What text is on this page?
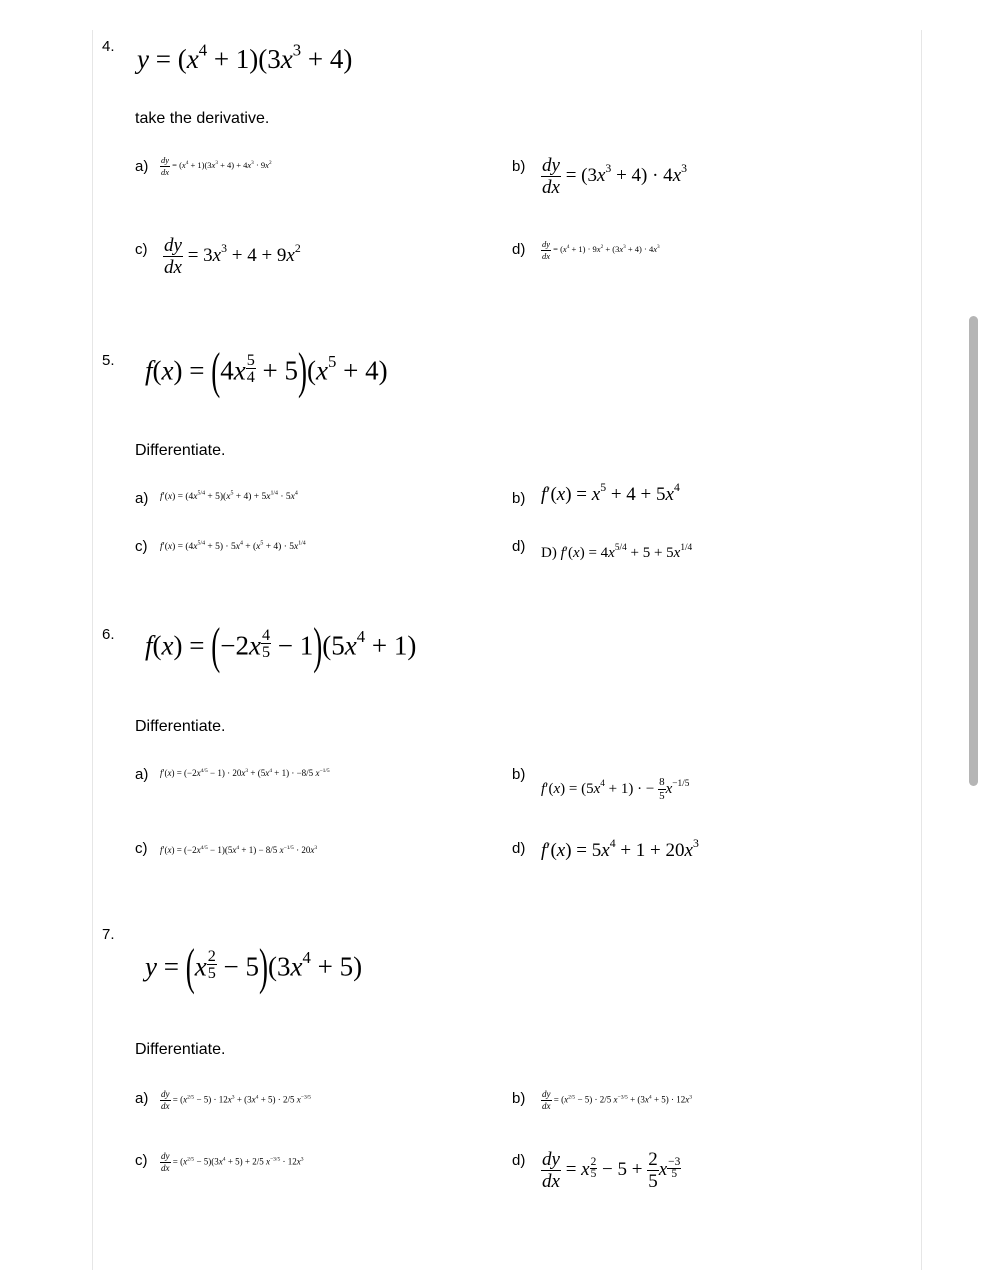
4. $y = (x^4 + 1)(3x^3 + 4)$
take the derivative.
$a) \frac{dy}{dx} = (x^4 + 1)(3x^3 + 4) + 4x^3 \cdot 9x^2$	$b) \frac{dy}{dx} = (3x^3 + 4) \cdot 4x^3$
$c) \frac{dy}{dx} = 3x^3 + 4 + 9x^2$	$d) \frac{dy}{dx} = (x^4 + 1) \cdot 9x^2 + (3x^3 + 4) \cdot 4x^3$
5. $f(x) = (4x \frac{5}{4} + 5)(x^5 + 4)$
Differentiate.
a) $f'(x) = (4x^{5/4} + 5)(x^5 + 4) + 5x^{1/4} \cdot 5x^4$	b) $f'(x) = x^5 + 4 + 5x^4$
c) $f'(x) = (4x^{5/4} + 5) \cdot 5x^4 + (x^5 + 4) \cdot 5x^{1/4}$	d) D) $f'(x) = 4x^{5/4} + 5 + 5x^{1/4}$
6. $f(x) = (-2x \frac{4}{5} - 1)(5x^4 + 1)$
Differentiate.
a) $f'(x) = (-2x^{4/5} - 1) \cdot 20x^3 + (5x^4 + 1) \cdot -8/5$ $x^{-1/5}$	b)
$f'(x) = (5x^4 + 1)$ · − $\frac{8}{5} x^{-1/5}$
c) $f'(x) = (-2x^{4/5} - 1)(5x^4 + 1) - 8/5$ $x^{-1/5} \cdot 20x^3$	d) $f'(x) = 5x^4 + 1 + 20x^3$
7.
$y = (x \frac{2}{5} - 5)(3x^4 + 5)$
Differentiate.
$a) \frac{dy}{dx} = (x^{2/5} - 5) \cdot 12x^3 + (3x^4 + 5) \cdot 2/5$ $x^{-3/5}$	$b) \frac{dy}{dx} = (x^{2/5} - 5) \cdot 2/5$ $x^{-3/5} + (3x^4 + 5) \cdot 12x^3$
$c) \frac{dy}{dx} = (x^{2/5} - 5)(3x^4 + 5) + 2/5$ $x^{-3/5} \cdot 12x^3$	$d) \frac{dy}{dx} = x \frac{2}{5} - 5 + \frac{2}{5}$ x $\frac{-3}{5}$
